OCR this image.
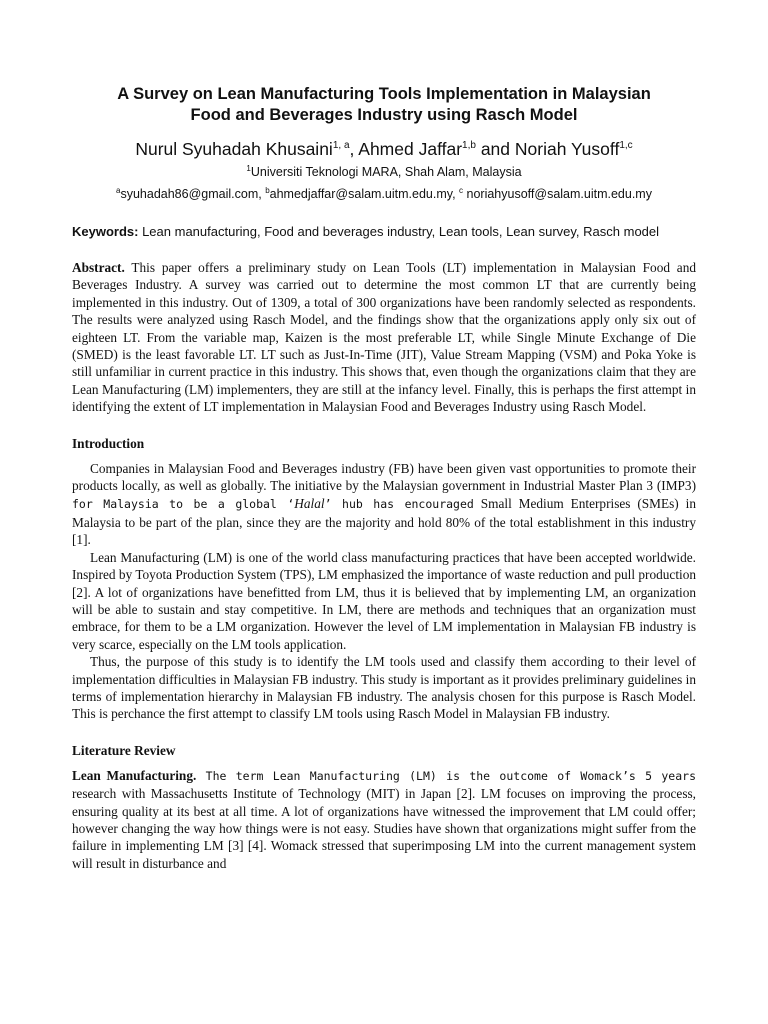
A Survey on Lean Manufacturing Tools Implementation in Malaysian
Food and Beverages Industry using Rasch Model
Nurul Syuhadah Khusaini$^{1, a}$, Ahmed Jaffar$^{1,b}$ and Noriah Yusoff$^{1,c}$
$^1$Universiti Teknologi MARA, Shah Alam, Malaysia
$^a$syuhadah86@gmail.com, $^b$ahmedjaffar@salam.uitm.edu.my, $^c$ noriahyusoff@salam.uitm.edu.my
Keywords: Lean manufacturing, Food and beverages industry, Lean tools, Lean survey, Rasch model
Abstract. This paper offers a preliminary study on Lean Tools (LT) implementation in Malaysian Food and Beverages Industry. A survey was carried out to determine the most common LT that are currently being implemented in this industry. Out of 1309, a total of 300 organizations have been randomly selected as respondents. The results were analyzed using Rasch Model, and the findings show that the organizations apply only six out of eighteen LT. From the variable map, Kaizen is the most preferable LT, while Single Minute Exchange of Die (SMED) is the least favorable LT. LT such as Just-In-Time (JIT), Value Stream Mapping (VSM) and Poka Yoke is still unfamiliar in current practice in this industry. This shows that, even though the organizations claim that they are Lean Manufacturing (LM) implementers, they are still at the infancy level. Finally, this is perhaps the first attempt in identifying the extent of LT implementation in Malaysian Food and Beverages Industry using Rasch Model.
Introduction

Companies in Malaysian Food and Beverages industry (FB) have been given vast opportunities to promote their products locally, as well as globally. The initiative by the Malaysian government in Industrial Master Plan 3 (IMP3) for Malaysia to be a global ‘Halal’ hub has encouraged Small Medium Enterprises (SMEs) in Malaysia to be part of the plan, since they are the majority and hold 80% of the total establishment in this industry [1].

Lean Manufacturing (LM) is one of the world class manufacturing practices that have been accepted worldwide. Inspired by Toyota Production System (TPS), LM emphasized the importance of waste reduction and pull production [2]. A lot of organizations have benefitted from LM, thus it is believed that by implementing LM, an organization will be able to sustain and stay competitive. In LM, there are methods and techniques that an organization must embrace, for them to be a LM organization. However the level of LM implementation in Malaysian FB industry is very scarce, especially on the LM tools application.

Thus, the purpose of this study is to identify the LM tools used and classify them according to their level of implementation difficulties in Malaysian FB industry. This study is important as it provides preliminary guidelines in terms of implementation hierarchy in Malaysian FB industry. The analysis chosen for this purpose is Rasch Model. This is perchance the first attempt to classify LM tools using Rasch Model in Malaysian FB industry.

Literature Review

Lean Manufacturing. The term Lean Manufacturing (LM) is the outcome of Womack’s 5 years research with Massachusetts Institute of Technology (MIT) in Japan [2]. LM focuses on improving the process, ensuring quality at its best at all time. A lot of organizations have witnessed the improvement that LM could offer; however changing the way how things were is not easy. Studies have shown that organizations might suffer from the failure in implementing LM [3] [4]. Womack stressed that superimposing LM into the current management system will result in disturbance and
